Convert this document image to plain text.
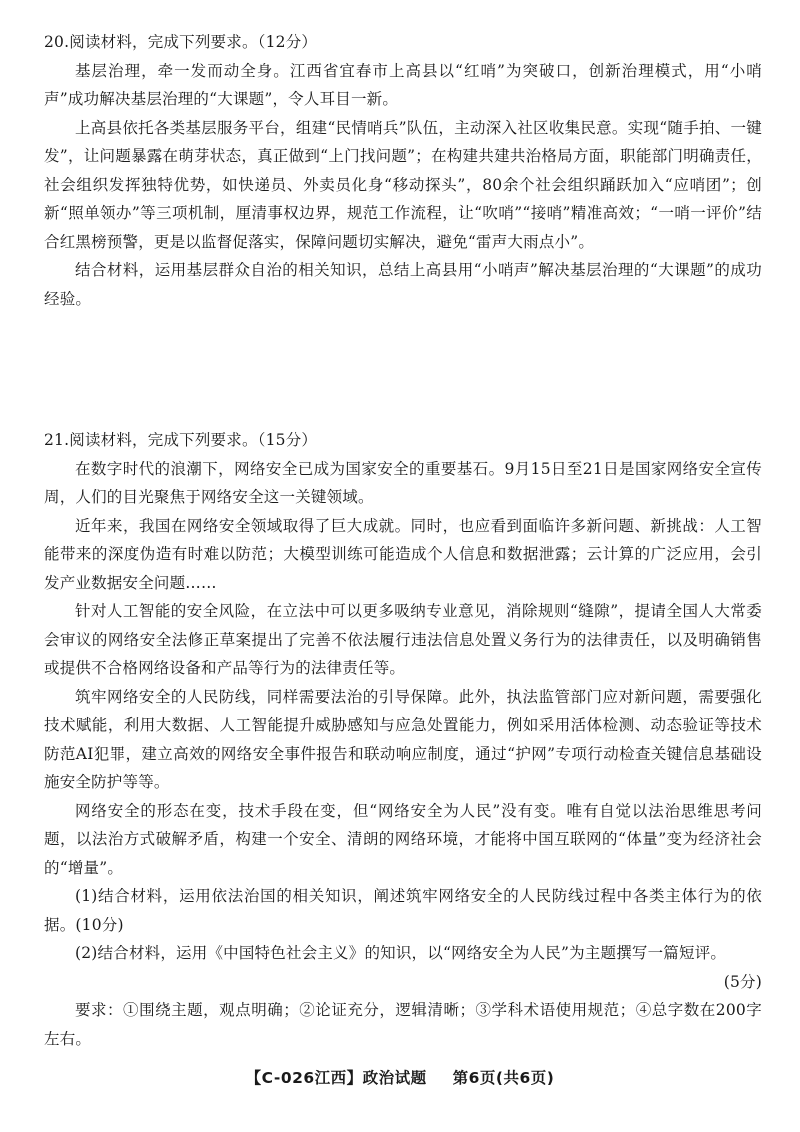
20.阅读材料，完成下列要求。（12分）

基层治理，牵一发而动全身。江西省宜春市上高县以“红哨”为突破口，创新治理模式，用“小哨声”成功解决基层治理的“大课题”，令人耳目一新。

上高县依托各类基层服务平台，组建“民情哨兵”队伍，主动深入社区收集民意。实现“随手拍、一键发”，让问题暴露在萌芽状态，真正做到“上门找问题”；在构建共建共治格局方面，职能部门明确责任，社会组织发挥独特优势，如快递员、外卖员化身“移动探头”，80余个社会组织踊跃加入“应哨团”；创新“照单领办”等三项机制，厘清事权边界，规范工作流程，让“吹哨”“接哨”精准高效；“一哨一评价”结合红黑榜预警，更是以监督促落实，保障问题切实解决，避免“雷声大雨点小”。

结合材料，运用基层群众自治的相关知识，总结上高县用“小哨声”解决基层治理的“大课题”的成功经验。

21.阅读材料，完成下列要求。（15分）

在数字时代的浪潮下，网络安全已成为国家安全的重要基石。9月15日至21日是国家网络安全宣传周，人们的目光聚焦于网络安全这一关键领域。

近年来，我国在网络安全领域取得了巨大成就。同时，也应看到面临许多新问题、新挑战：人工智能带来的深度伪造有时难以防范；大模型训练可能造成个人信息和数据泄露；云计算的广泛应用，会引发产业数据安全问题……

针对人工智能的安全风险，在立法中可以更多吸纳专业意见，消除规则“缝隙”，提请全国人大常委会审议的网络安全法修正草案提出了完善不依法履行违法信息处置义务行为的法律责任，以及明确销售或提供不合格网络设备和产品等行为的法律责任等。

筑牢网络安全的人民防线，同样需要法治的引导保障。此外，执法监管部门应对新问题，需要强化技术赋能，利用大数据、人工智能提升威胁感知与应急处置能力，例如采用活体检测、动态验证等技术防范AI犯罪，建立高效的网络安全事件报告和联动响应制度，通过“护网”专项行动检查关键信息基础设施安全防护等等。

网络安全的形态在变，技术手段在变，但“网络安全为人民”没有变。唯有自觉以法治思维思考问题，以法治方式破解矛盾，构建一个安全、清朗的网络环境，才能将中国互联网的“体量”变为经济社会的“增量”。

(1)结合材料，运用依法治国的相关知识，阐述筑牢网络安全的人民防线过程中各类主体行为的依据。(10分)

(2)结合材料，运用《中国特色社会主义》的知识，以“网络安全为人民”为主题撰写一篇短评。

(5分)

要求：①围绕主题，观点明确；②论证充分，逻辑清晰；③学科术语使用规范；④总字数在200字左右。

【C-026江西】政治试题 第6页(共6页)
